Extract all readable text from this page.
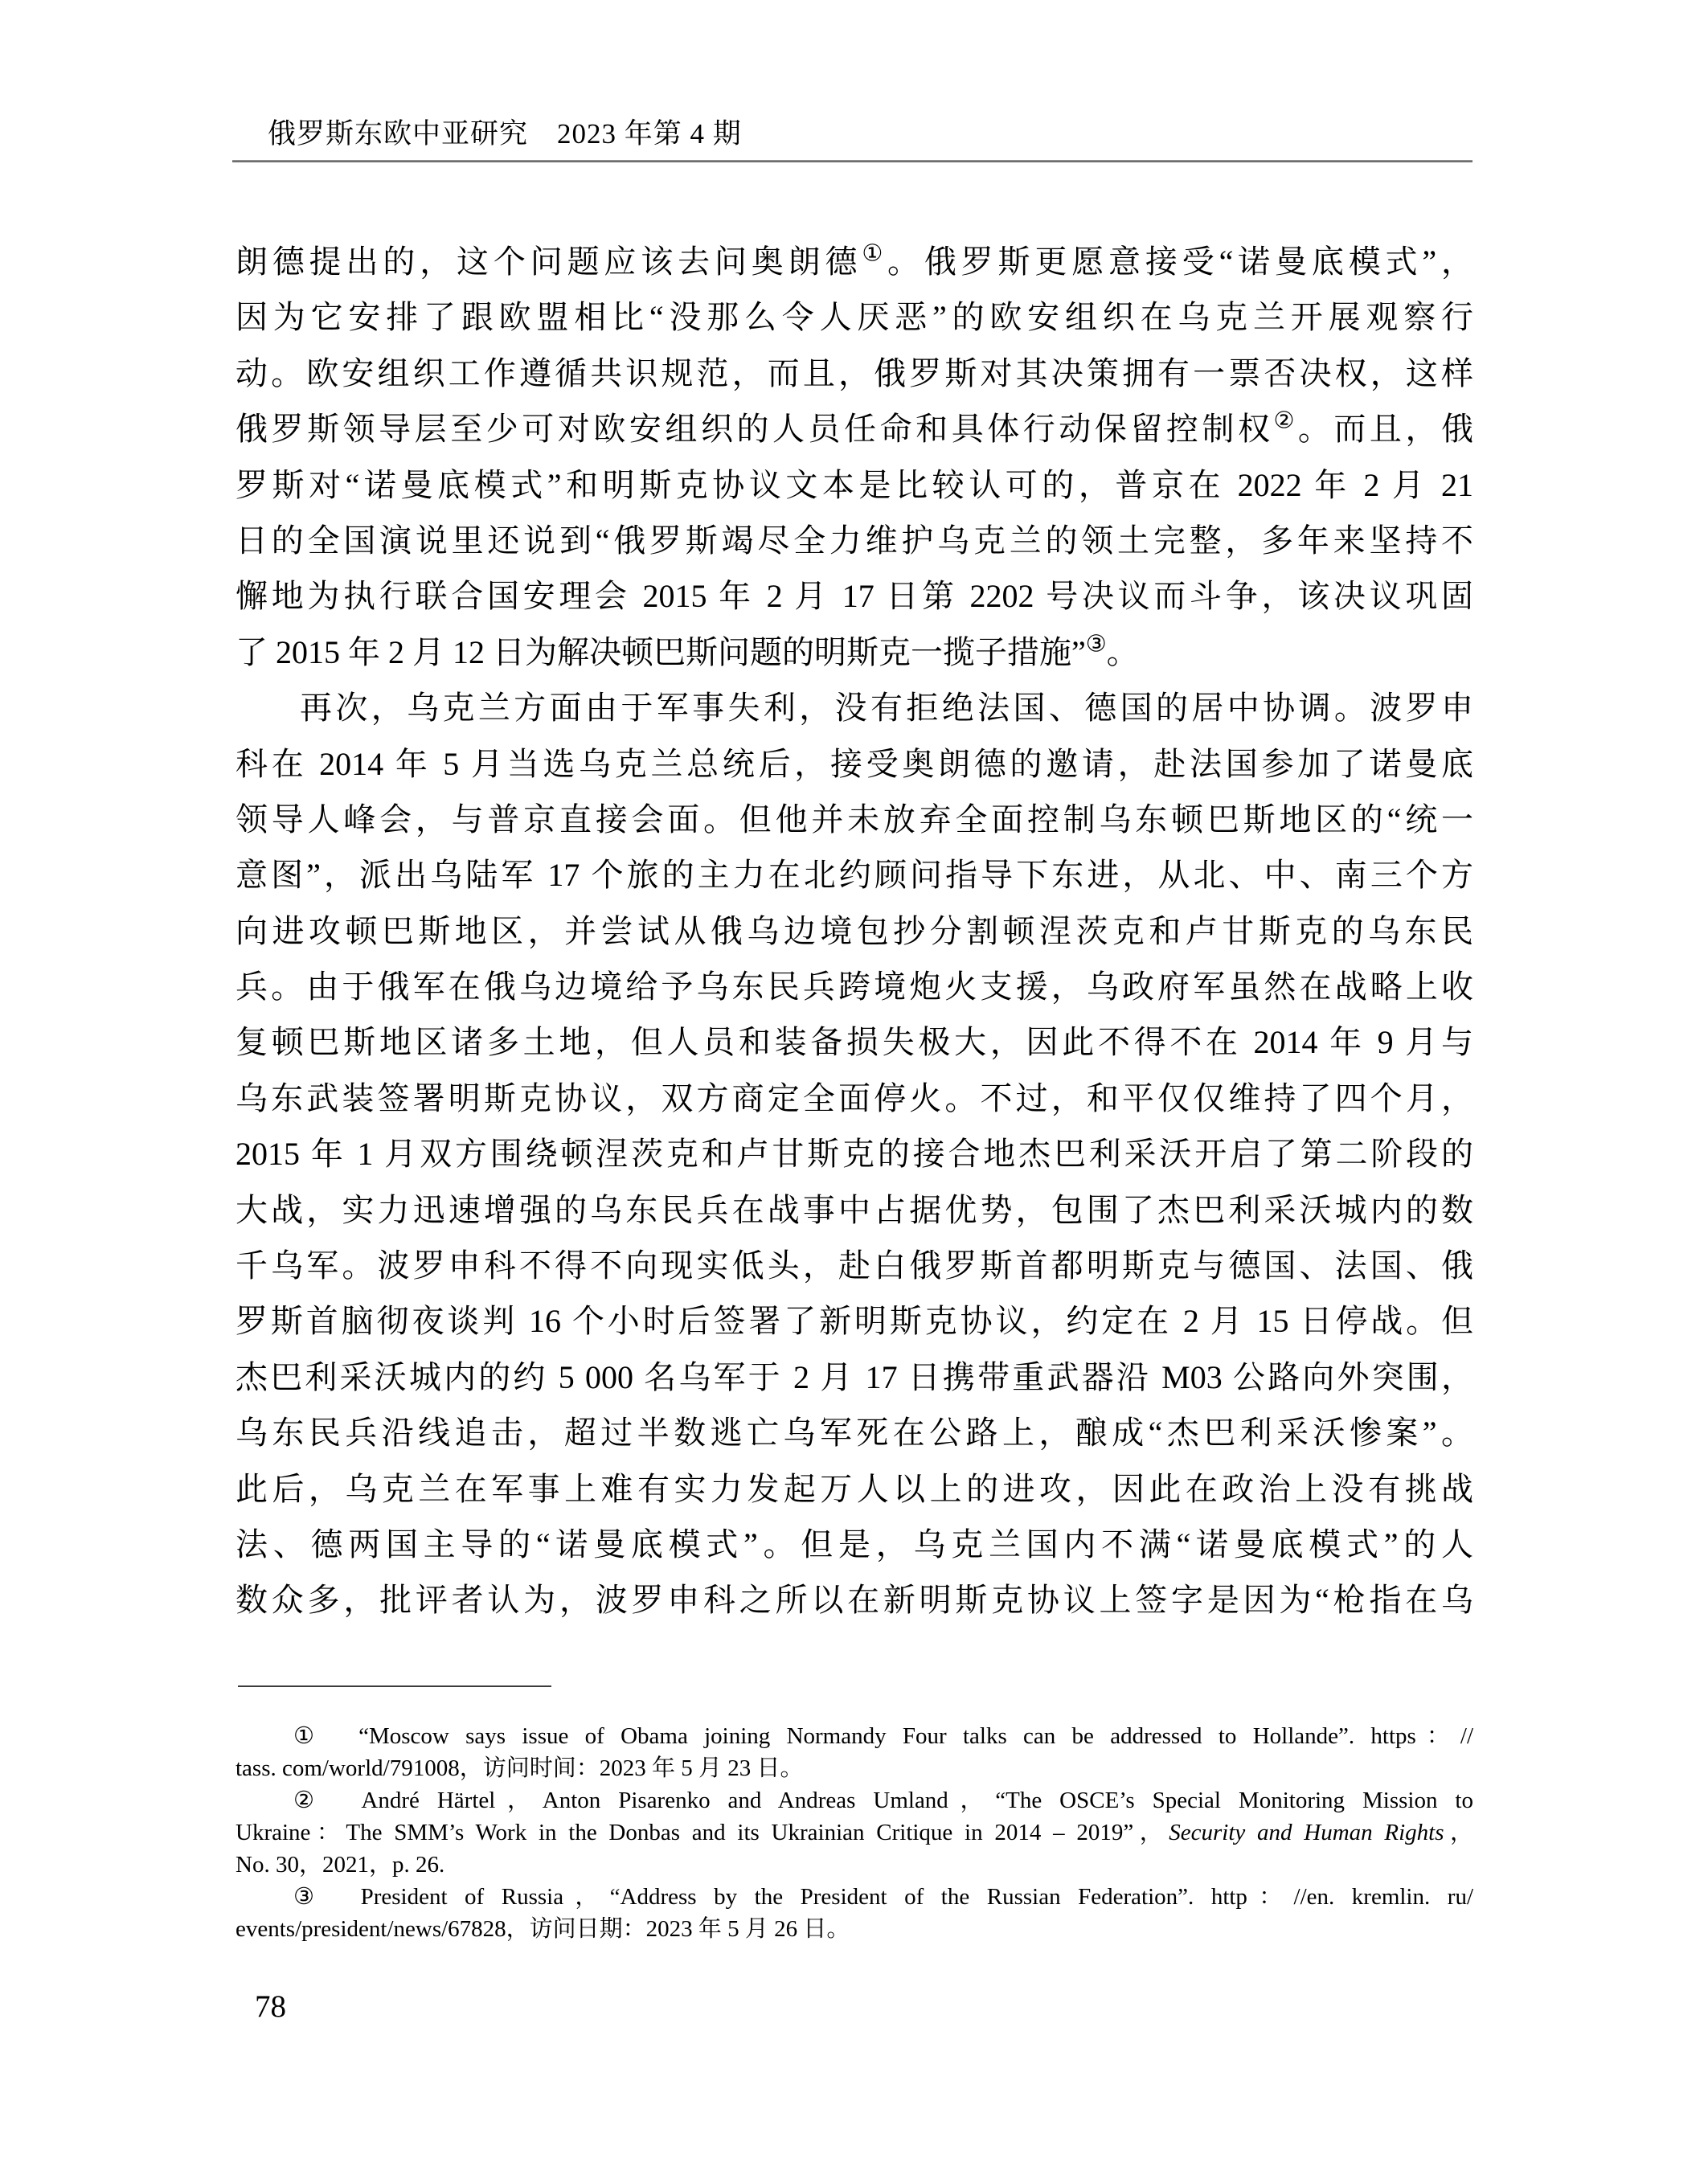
俄罗斯东欧中亚研究　2023 年第 4 期
朗德提出的，这个问题应该去问奥朗德①。俄罗斯更愿意接受“诺曼底模式”，
因为它安排了跟欧盟相比“没那么令人厌恶”的欧安组织在乌克兰开展观察行
动。欧安组织工作遵循共识规范，而且，俄罗斯对其决策拥有一票否决权，这样
俄罗斯领导层至少可对欧安组织的人员任命和具体行动保留控制权②。而且，俄
罗斯对“诺曼底模式”和明斯克协议文本是比较认可的，普京在 2022 年 2 月 21
日的全国演说里还说到“俄罗斯竭尽全力维护乌克兰的领土完整，多年来坚持不
懈地为执行联合国安理会 2015 年 2 月 17 日第 2202 号决议而斗争，该决议巩固
了 2015 年 2 月 12 日为解决顿巴斯问题的明斯克一揽子措施”③。
再次，乌克兰方面由于军事失利，没有拒绝法国、德国的居中协调。波罗申
科在 2014 年 5 月当选乌克兰总统后，接受奥朗德的邀请，赴法国参加了诺曼底
领导人峰会，与普京直接会面。但他并未放弃全面控制乌东顿巴斯地区的“统一
意图”，派出乌陆军 17 个旅的主力在北约顾问指导下东进，从北、中、南三个方
向进攻顿巴斯地区，并尝试从俄乌边境包抄分割顿涅茨克和卢甘斯克的乌东民
兵。由于俄军在俄乌边境给予乌东民兵跨境炮火支援，乌政府军虽然在战略上收
复顿巴斯地区诸多土地，但人员和装备损失极大，因此不得不在 2014 年 9 月与
乌东武装签署明斯克协议，双方商定全面停火。不过，和平仅仅维持了四个月，
2015 年 1 月双方围绕顿涅茨克和卢甘斯克的接合地杰巴利采沃开启了第二阶段的
大战，实力迅速增强的乌东民兵在战事中占据优势，包围了杰巴利采沃城内的数
千乌军。波罗申科不得不向现实低头，赴白俄罗斯首都明斯克与德国、法国、俄
罗斯首脑彻夜谈判 16 个小时后签署了新明斯克协议，约定在 2 月 15 日停战。但
杰巴利采沃城内的约 5 000 名乌军于 2 月 17 日携带重武器沿 M03 公路向外突围，
乌东民兵沿线追击，超过半数逃亡乌军死在公路上，酿成“杰巴利采沃惨案”。
此后，乌克兰在军事上难有实力发起万人以上的进攻，因此在政治上没有挑战
法、德两国主导的“诺曼底模式”。但是，乌克兰国内不满“诺曼底模式”的人
数众多，批评者认为，波罗申科之所以在新明斯克协议上签字是因为“枪指在乌
①　“Moscow says issue of Obama joining Normandy Four talks can be addressed to Hollande”. https：//
tass. com/world/791008，访问时间：2023 年 5 月 23 日。
②　André Härtel，Anton Pisarenko and Andreas Umland，“The OSCE’s Special Monitoring Mission to
Ukraine：The SMM’s Work in the Donbas and its Ukrainian Critique in 2014 – 2019”，Security and Human Rights，
No. 30，2021，p. 26.
③　President of Russia，“Address by the President of the Russian Federation”. http：//en. kremlin. ru/
events/president/news/67828，访问日期：2023 年 5 月 26 日。
78
